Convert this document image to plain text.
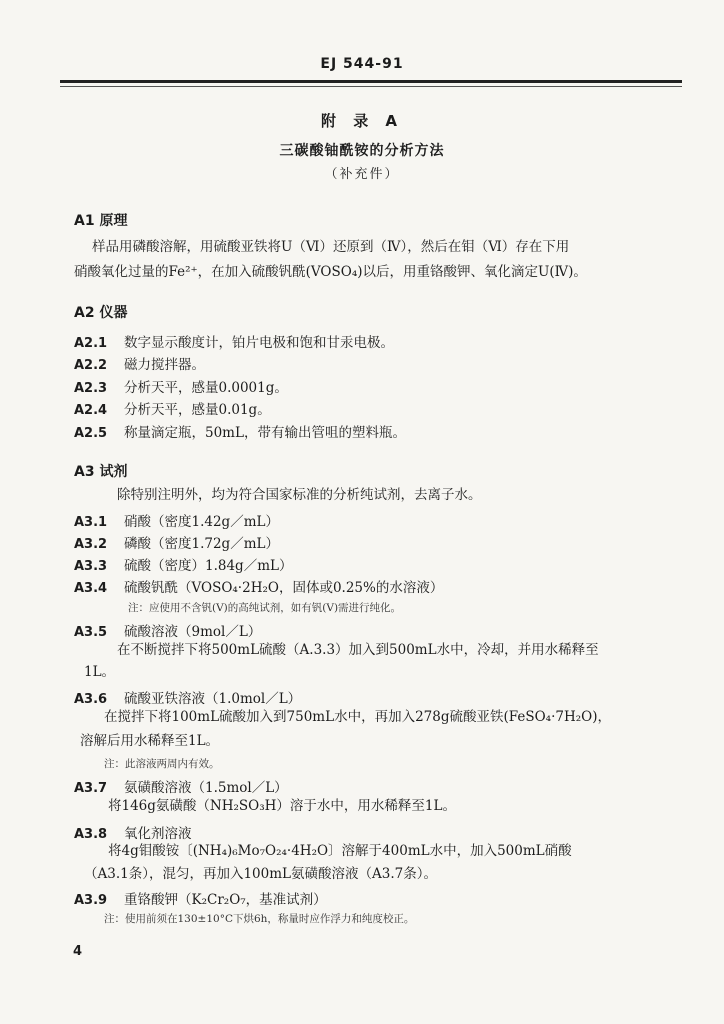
EJ 544-91
附 录 A
三碳酸铀酰铵的分析方法
（补充件）
A1 原理
样品用磷酸溶解，用硫酸亚铁将U（Ⅵ）还原到（Ⅳ），然后在钼（Ⅵ）存在下用
硝酸氧化过量的Fe²⁺，在加入硫酸钒酰(VOSO₄)以后，用重铬酸钾、氧化滴定U(Ⅳ)。
A2 仪器
A2.1 数字显示酸度计，铂片电极和饱和甘汞电极。
A2.2 磁力搅拌器。
A2.3 分析天平，感量0.0001g。
A2.4 分析天平，感量0.01g。
A2.5 称量滴定瓶，50mL，带有输出管咀的塑料瓶。
A3 试剂
除特别注明外，均为符合国家标准的分析纯试剂，去离子水。
A3.1 硝酸（密度1.42g／mL）
A3.2 磷酸（密度1.72g／mL）
A3.3 硫酸（密度）1.84g／mL）
A3.4 硫酸钒酰（VOSO₄·2H₂O，固体或0.25%的水溶液）
注：应使用不含钒(Ⅴ)的高纯试剂，如有钒(Ⅴ)需进行纯化。
A3.5 硫酸溶液（9mol／L）
在不断搅拌下将500mL硫酸（A.3.3）加入到500mL水中，冷却，并用水稀释至
1L。
A3.6 硫酸亚铁溶液（1.0mol／L）
在搅拌下将100mL硫酸加入到750mL水中，再加入278g硫酸亚铁(FeSO₄·7H₂O)，
溶解后用水稀释至1L。
注：此溶液两周内有效。
A3.7 氨磺酸溶液（1.5mol／L）
将146g氨磺酸（NH₂SO₃H）溶于水中，用水稀释至1L。
A3.8 氧化剂溶液
将4g钼酸铵〔(NH₄)₆Mo₇O₂₄·4H₂O〕溶解于400mL水中，加入500mL硝酸
（A3.1条），混匀，再加入100mL氨磺酸溶液（A3.7条）。
A3.9 重铬酸钾（K₂Cr₂O₇，基准试剂）
注：使用前须在130±10°C下烘6h，称量时应作浮力和纯度校正。
4
